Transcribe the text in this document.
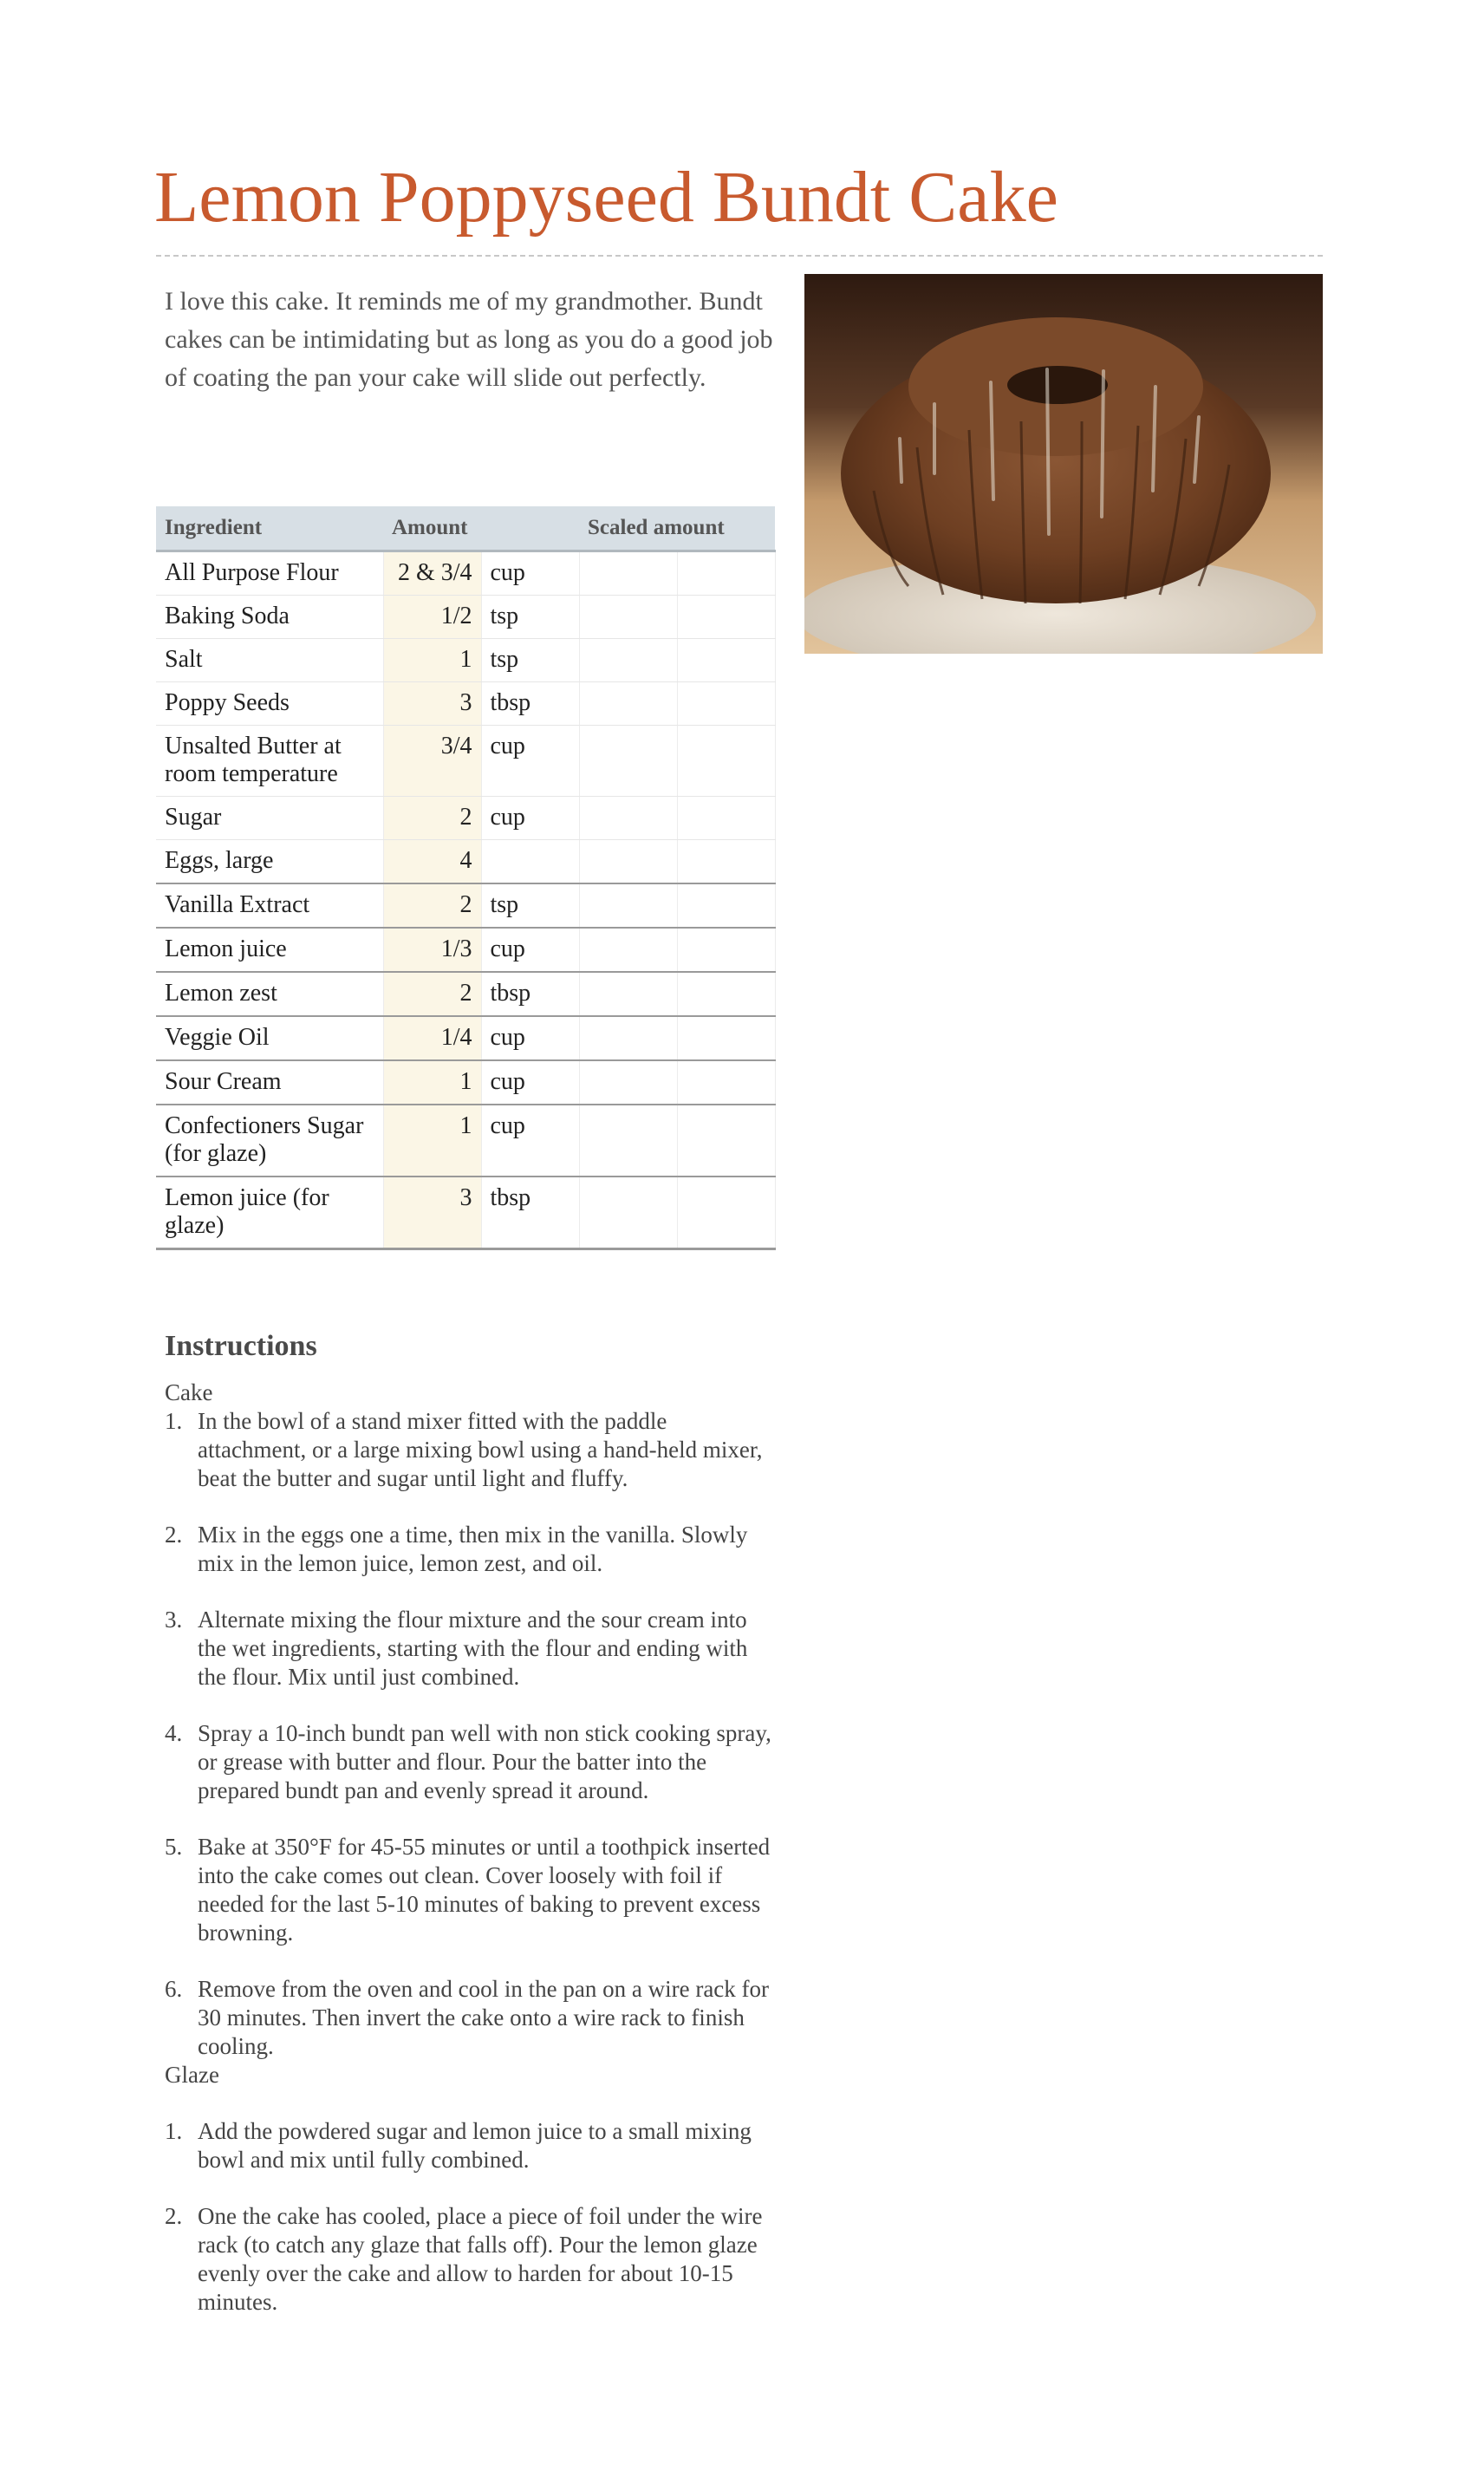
Lemon Poppyseed Bundt Cake

I love this cake. It reminds me of my grandmother. Bundt cakes can be intimidating but as long as you do a good job of coating the pan your cake will slide out perfectly.

Ingredient	Amount		Scaled amount	
All Purpose Flour	2 & 3/4	cup		
Baking Soda	1/2	tsp		
Salt	1	tsp		
Poppy Seeds	3	tbsp		
Unsalted Butter at room temperature	3/4	cup		
Sugar	2	cup		
Eggs, large	4			
Vanilla Extract	2	tsp		
Lemon juice	1/3	cup		
Lemon zest	2	tbsp		
Veggie Oil	1/4	cup		
Sour Cream	1	cup		
Confectioners Sugar (for glaze)	1	cup		
Lemon juice (for glaze)	3	tbsp		
Instructions

Cake

1. In the bowl of a stand mixer fitted with the paddle attachment, or a large mixing bowl using a hand-held mixer, beat the butter and sugar until light and fluffy.
2. Mix in the eggs one a time, then mix in the vanilla. Slowly mix in the lemon juice, lemon zest, and oil.
3. Alternate mixing the flour mixture and the sour cream into the wet ingredients, starting with the flour and ending with the flour. Mix until just combined.
4. Spray a 10-inch bundt pan well with non stick cooking spray, or grease with butter and flour. Pour the batter into the prepared bundt pan and evenly spread it around.
5. Bake at 350°F for 45-55 minutes or until a toothpick inserted into the cake comes out clean. Cover loosely with foil if needed for the last 5-10 minutes of baking to prevent excess browning.
6. Remove from the oven and cool in the pan on a wire rack for 30 minutes. Then invert the cake onto a wire rack to finish cooling.

Glaze

1. Add the powdered sugar and lemon juice to a small mixing bowl and mix until fully combined.
2. One the cake has cooled, place a piece of foil under the wire rack (to catch any glaze that falls off). Pour the lemon glaze evenly over the cake and allow to harden for about 10-15 minutes.
